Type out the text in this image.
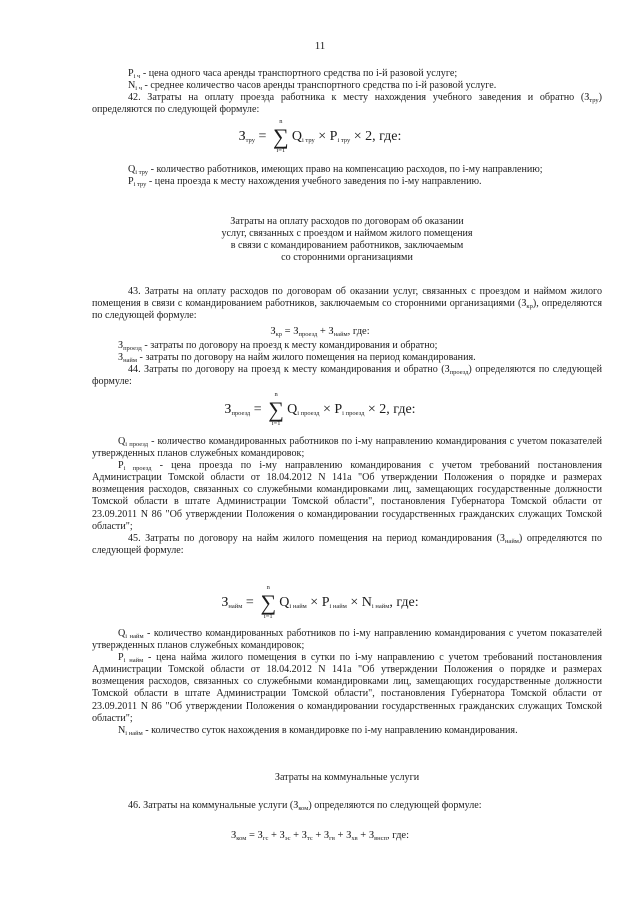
11

$P_{i ч}$ - цена одного часа аренды транспортного средства по i-й разовой услуге;

$N_{i ч}$ - среднее количество часов аренды транспортного средства по i-й разовой услуге.

42. Затраты на оплату проезда работника к месту нахождения учебного заведения и обратно $(З_{тру})$ определяются по следующей формуле:

$З_{тру}$ =
n
∑
i=1
$Q_{i тру} \times P_{i тру} \times 2$, где:

$Q_{i тру}$ - количество работников, имеющих право на компенсацию расходов, по i-му направлению;

$P_{i тру}$ - цена проезда к месту нахождения учебного заведения по i-му направлению.

Затраты на оплату расходов по договорам об оказании

услуг, связанных с проездом и наймом жилого помещения

в связи с командированием работников, заключаемым

со сторонними организациями

43. Затраты на оплату расходов по договорам об оказании услуг, связанных с проездом и наймом жилого помещения в связи с командированием работников, заключаемым со сторонними организациями $(З_{кр})$, определяются по следующей формуле:

$З_{кр} = З_{проезд} + З_{найм}$, где:

$З_{проезд}$ - затраты по договору на проезд к месту командирования и обратно;

$З_{найм}$ - затраты по договору на найм жилого помещения на период командирования.

44. Затраты по договору на проезд к месту командирования и обратно $(З_{проезд})$ определяются по следующей формуле:

$З_{проезд}$ =
n
∑
i=1
$Q_{i проезд} \times P_{i проезд} \times 2$, где:

$Q_{i проезд}$ - количество командированных работников по i-му направлению командирования с учетом показателей утвержденных планов служебных командировок;

$P_{i проезд}$ - цена проезда по i-му направлению командирования с учетом требований постановления Администрации Томской области от 18.04.2012 N 141а "Об утверждении Положения о порядке и размерах возмещения расходов, связанных со служебными командировками лиц, замещающих государственные должности Томской области в штате Администрации Томской области", постановления Губернатора Томской области от 23.09.2011 N 86 "Об утверждении Положения о командировании государственных гражданских служащих Томской области";

45. Затраты по договору на найм жилого помещения на период командирования $(З_{найм})$ определяются по следующей формуле:

$З_{найм}$ =
n
∑
i=1
$Q_{i найм} \times P_{i найм} \times N_{i найм}$, где:

$Q_{i найм}$ - количество командированных работников по i-му направлению командирования с учетом показателей утвержденных планов служебных командировок;

$P_{i найм}$ - цена найма жилого помещения в сутки по i-му направлению с учетом требований постановления Администрации Томской области от 18.04.2012 N 141а "Об утверждении Положения о порядке и размерах возмещения расходов, связанных со служебными командировками лиц, замещающих государственные должности Томской области в штате Администрации Томской области", постановления Губернатора Томской области от 23.09.2011 N 86 "Об утверждении Положения о командировании государственных гражданских служащих Томской области";

$N_{i найм}$ - количество суток нахождения в командировке по i-му направлению командирования.

Затраты на коммунальные услуги

46. Затраты на коммунальные услуги $(З_{ком})$ определяются по следующей формуле:

$З_{ком} = З_{гс} + З_{эс} + З_{тс} + З_{гв} + З_{хв} + З_{внсп}$, где:
